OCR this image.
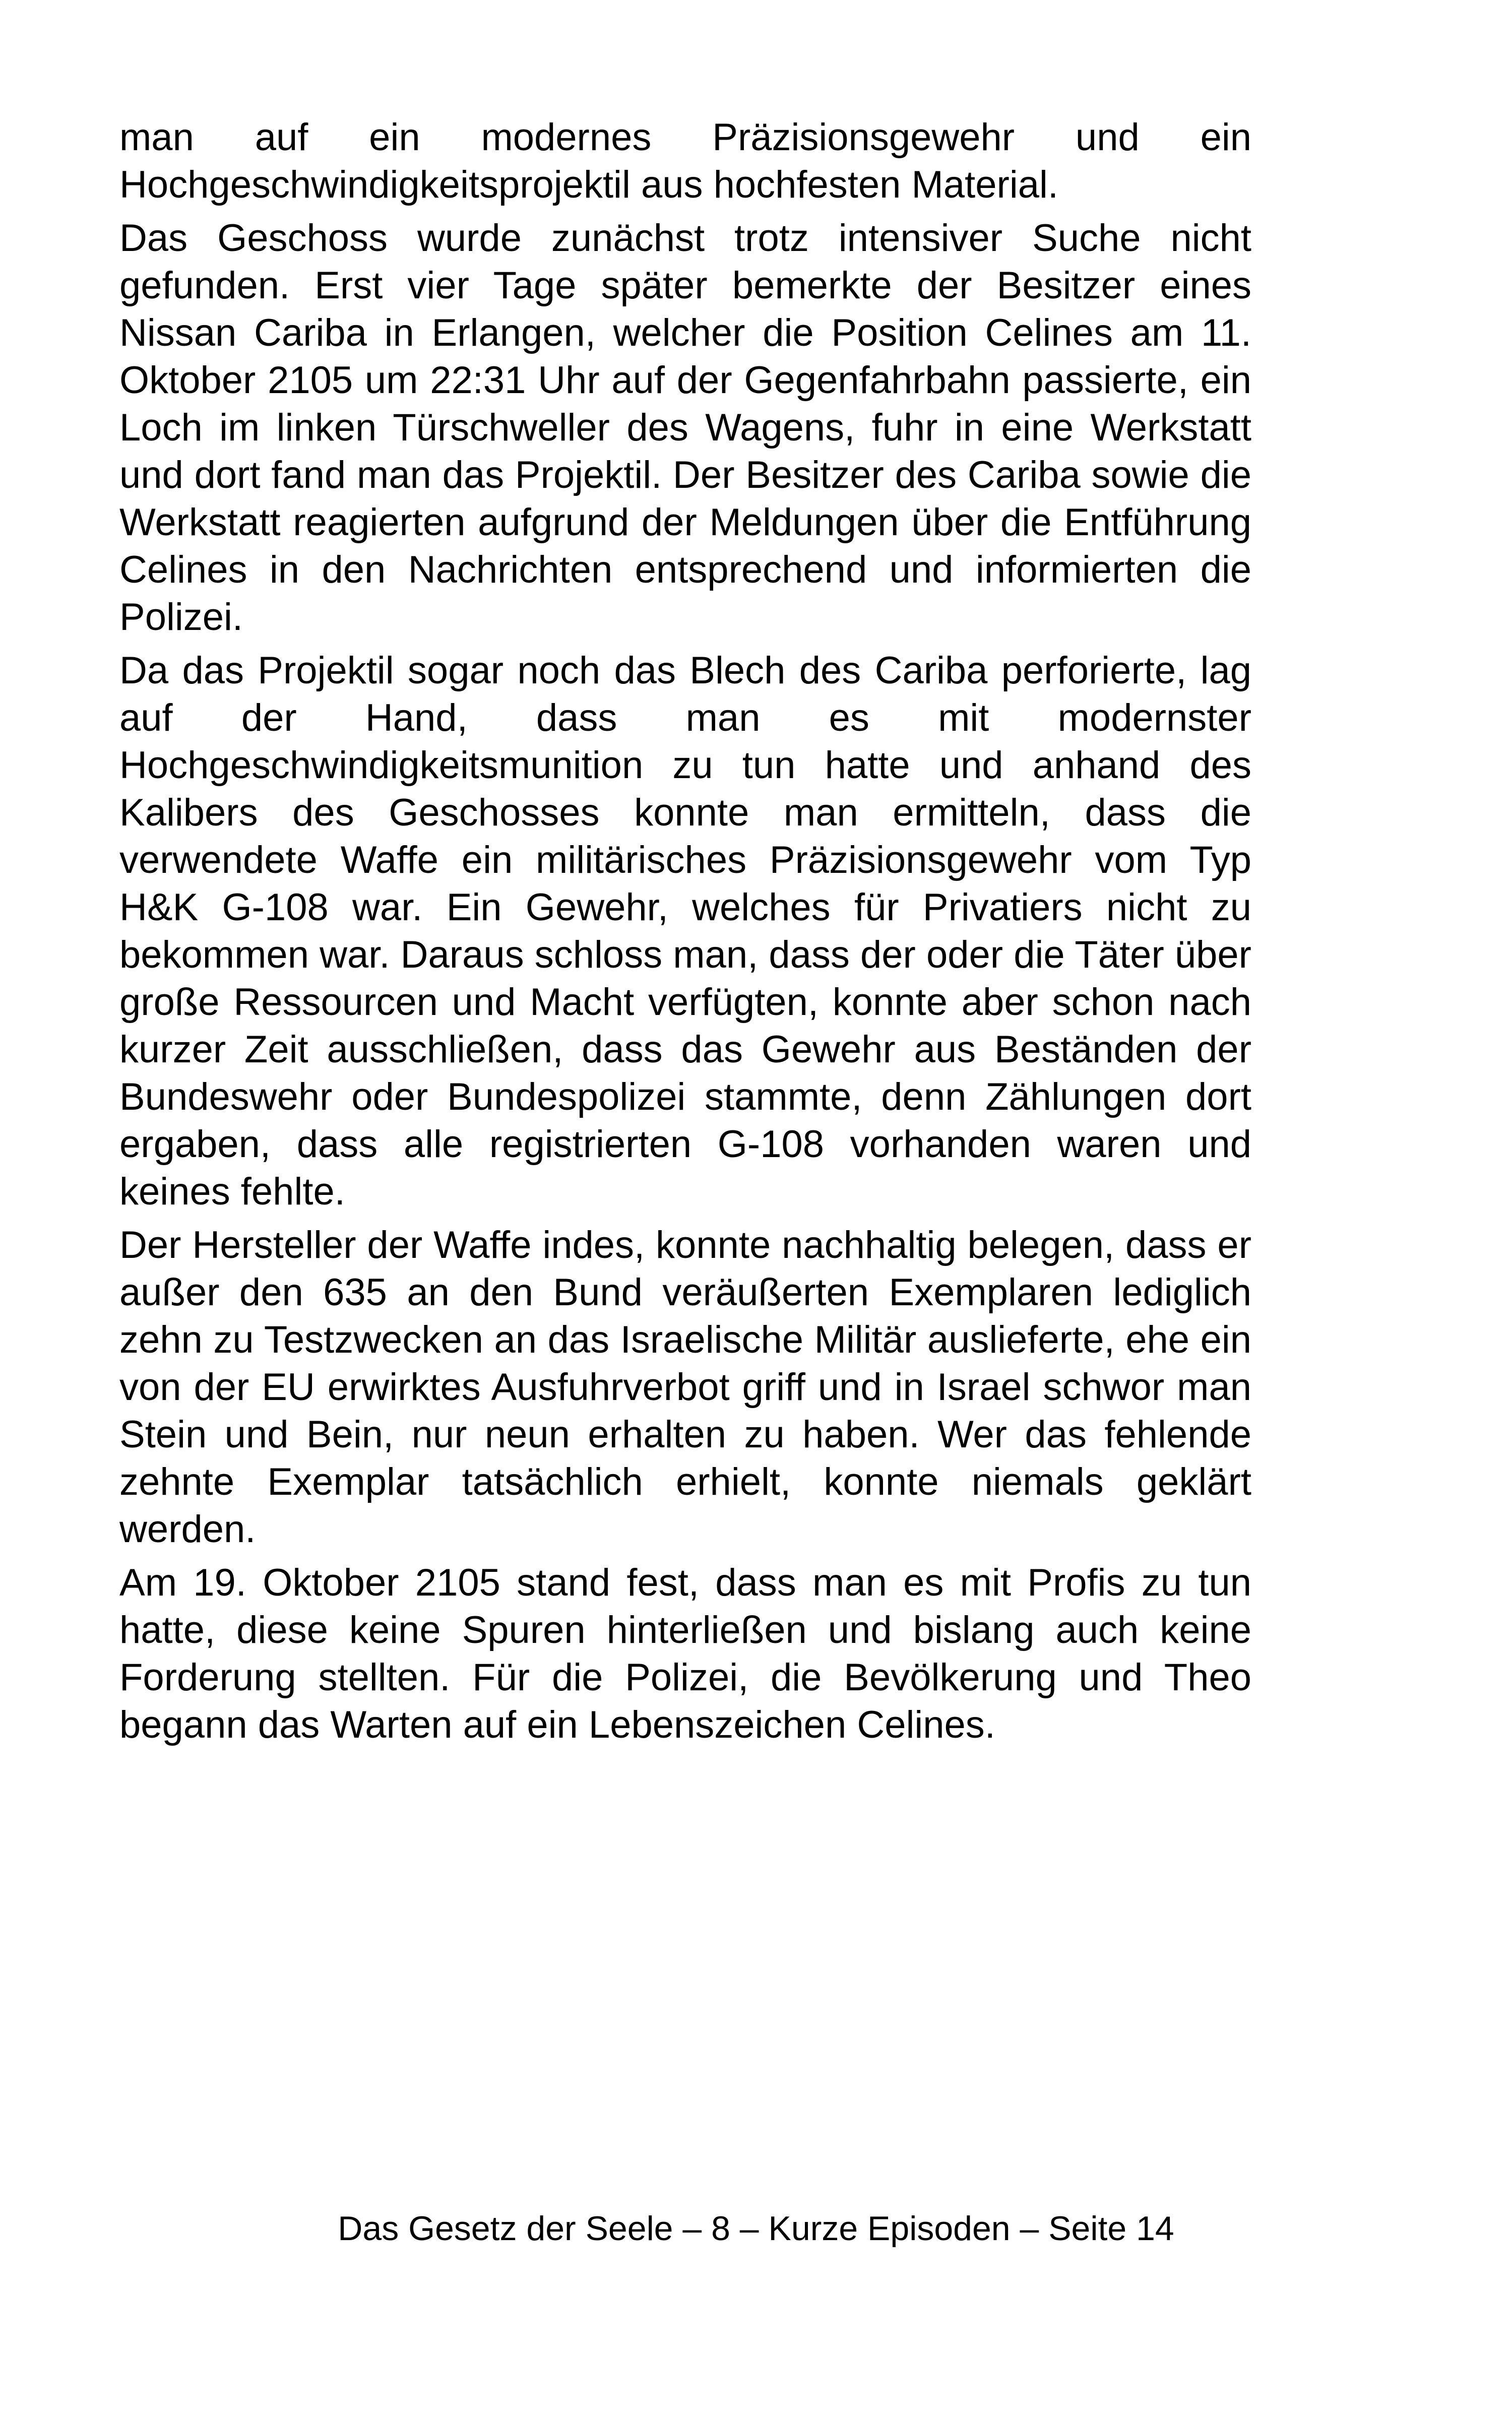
man auf ein modernes Präzisionsgewehr und ein Hochgeschwindigkeitsprojektil aus hochfesten Material.

Das Geschoss wurde zunächst trotz intensiver Suche nicht gefunden. Erst vier Tage später bemerkte der Besitzer eines Nissan Cariba in Erlangen, welcher die Position Celines am 11. Oktober 2105 um 22:31 Uhr auf der Gegenfahrbahn passierte, ein Loch im linken Türschweller des Wagens, fuhr in eine Werkstatt und dort fand man das Projektil. Der Besitzer des Cariba sowie die Werkstatt reagierten aufgrund der Meldungen über die Entführung Celines in den Nachrichten entsprechend und informierten die Polizei.

Da das Projektil sogar noch das Blech des Cariba perforierte, lag auf der Hand, dass man es mit modernster Hochgeschwindigkeitsmunition zu tun hatte und anhand des Kalibers des Geschosses konnte man ermitteln, dass die verwendete Waffe ein militärisches Präzisionsgewehr vom Typ H&K G-108 war. Ein Gewehr, welches für Privatiers nicht zu bekommen war. Daraus schloss man, dass der oder die Täter über große Ressourcen und Macht verfügten, konnte aber schon nach kurzer Zeit ausschließen, dass das Gewehr aus Beständen der Bundeswehr oder Bundespolizei stammte, denn Zählungen dort ergaben, dass alle registrierten G-108 vorhanden waren und keines fehlte.

Der Hersteller der Waffe indes, konnte nachhaltig belegen, dass er außer den 635 an den Bund veräußerten Exemplaren lediglich zehn zu Testzwecken an das Israelische Militär auslieferte, ehe ein von der EU erwirktes Ausfuhrverbot griff und in Israel schwor man Stein und Bein, nur neun erhalten zu haben. Wer das fehlende zehnte Exemplar tatsächlich erhielt, konnte niemals geklärt werden.

Am 19. Oktober 2105 stand fest, dass man es mit Profis zu tun hatte, diese keine Spuren hinterließen und bislang auch keine Forderung stellten. Für die Polizei, die Bevölkerung und Theo begann das Warten auf ein Lebenszeichen Celines.

Das Gesetz der Seele – 8 – Kurze Episoden – Seite 14
